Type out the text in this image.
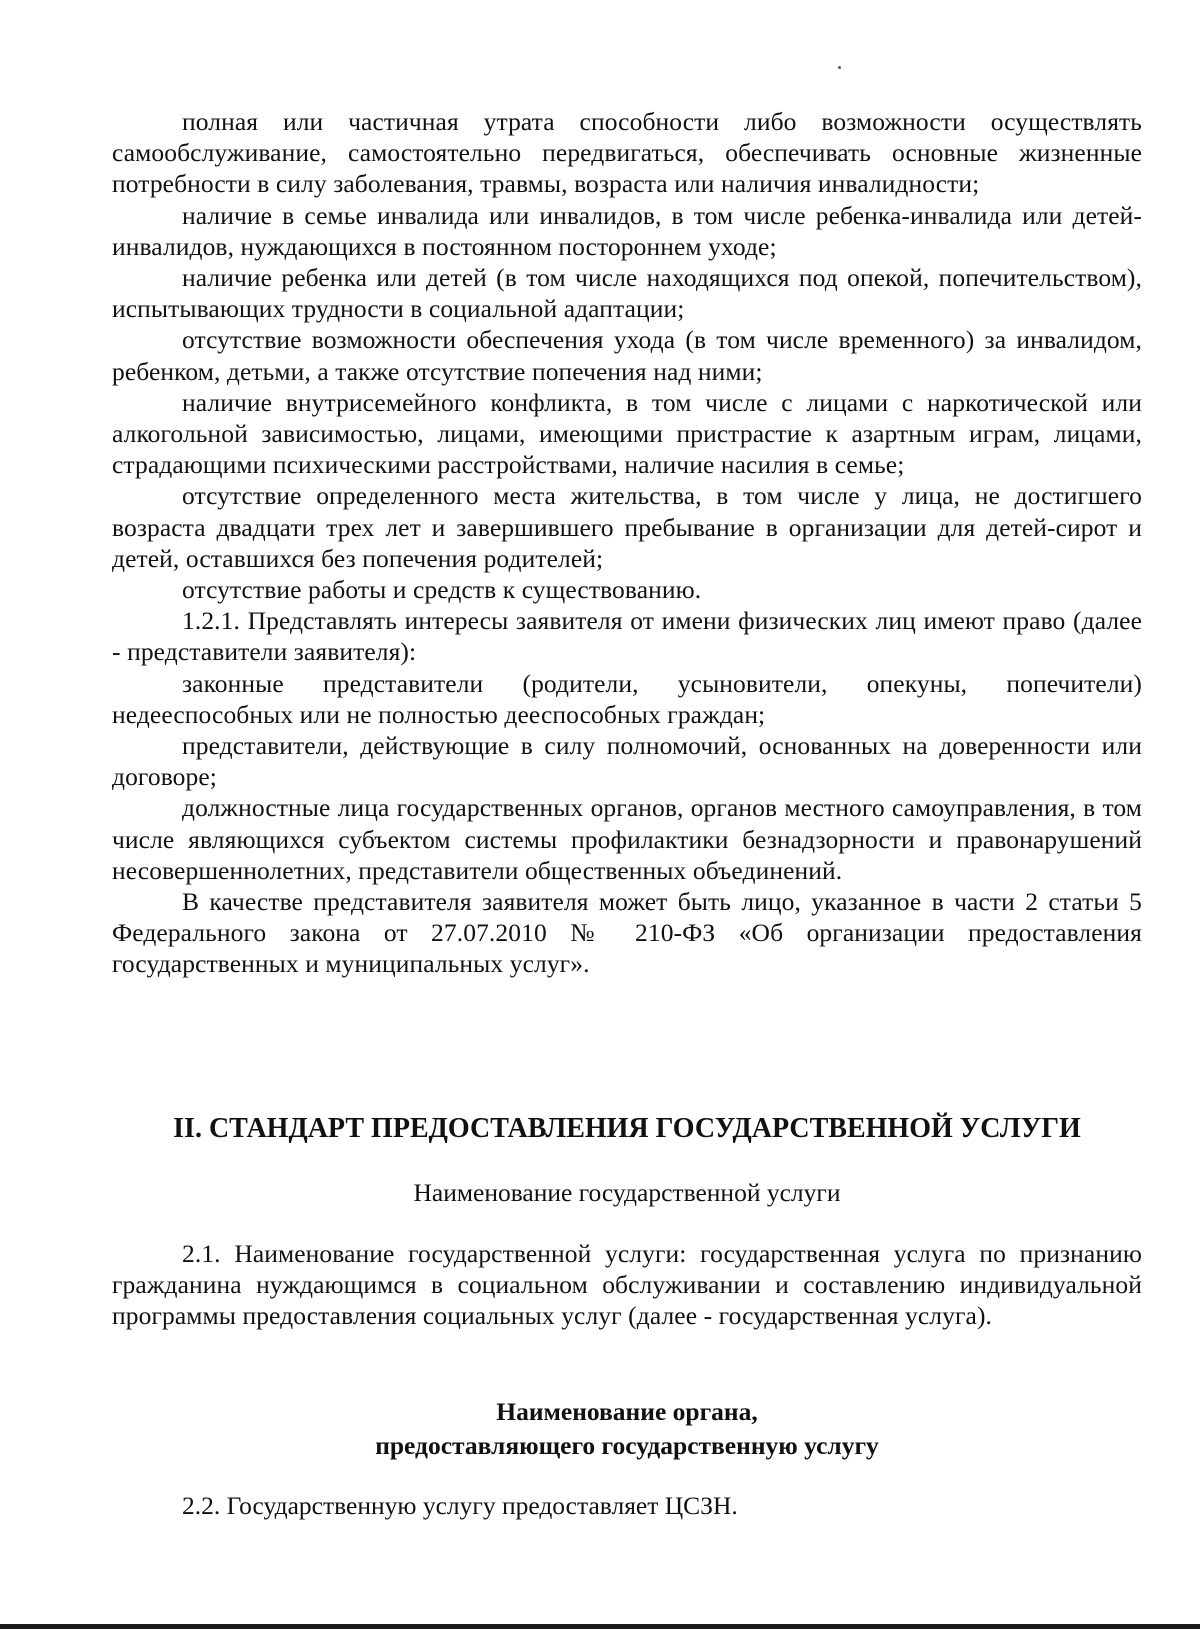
полная или частичная утрата способности либо возможности осуществлять самообслуживание, самостоятельно передвигаться, обеспечивать основные жизненные потребности в силу заболевания, травмы, возраста или наличия инвалидности;

наличие в семье инвалида или инвалидов, в том числе ребенка-инвалида или детей-инвалидов, нуждающихся в постоянном постороннем уходе;

наличие ребенка или детей (в том числе находящихся под опекой, попечительством), испытывающих трудности в социальной адаптации;

отсутствие возможности обеспечения ухода (в том числе временного) за инвалидом, ребенком, детьми, а также отсутствие попечения над ними;

наличие внутрисемейного конфликта, в том числе с лицами с наркотической или алкогольной зависимостью, лицами, имеющими пристрастие к азартным играм, лицами, страдающими психическими расстройствами, наличие насилия в семье;

отсутствие определенного места жительства, в том числе у лица, не достигшего возраста двадцати трех лет и завершившего пребывание в организации для детей-сирот и детей, оставшихся без попечения родителей;

отсутствие работы и средств к существованию.

1.2.1. Представлять интересы заявителя от имени физических лиц имеют право (далее - представители заявителя):

законные представители (родители, усыновители, опекуны, попечители) недееспособных или не полностью дееспособных граждан;

представители, действующие в силу полномочий, основанных на доверенности или договоре;

должностные лица государственных органов, органов местного самоуправления, в том числе являющихся субъектом системы профилактики безнадзорности и правонарушений несовершеннолетних, представители общественных объединений.

В качестве представителя заявителя может быть лицо, указанное в части 2 статьи 5 Федерального закона от 27.07.2010 № 210-ФЗ «Об организации предоставления государственных и муниципальных услуг».

II. СТАНДАРТ ПРЕДОСТАВЛЕНИЯ ГОСУДАРСТВЕННОЙ УСЛУГИ
Наименование государственной услуги

2.1. Наименование государственной услуги: государственная услуга по признанию гражданина нуждающимся в социальном обслуживании и составлению индивидуальной программы предоставления социальных услуг (далее - государственная услуга).

Наименование органа,
предоставляющего государственную услугу

2.2. Государственную услугу предоставляет ЦСЗН.
